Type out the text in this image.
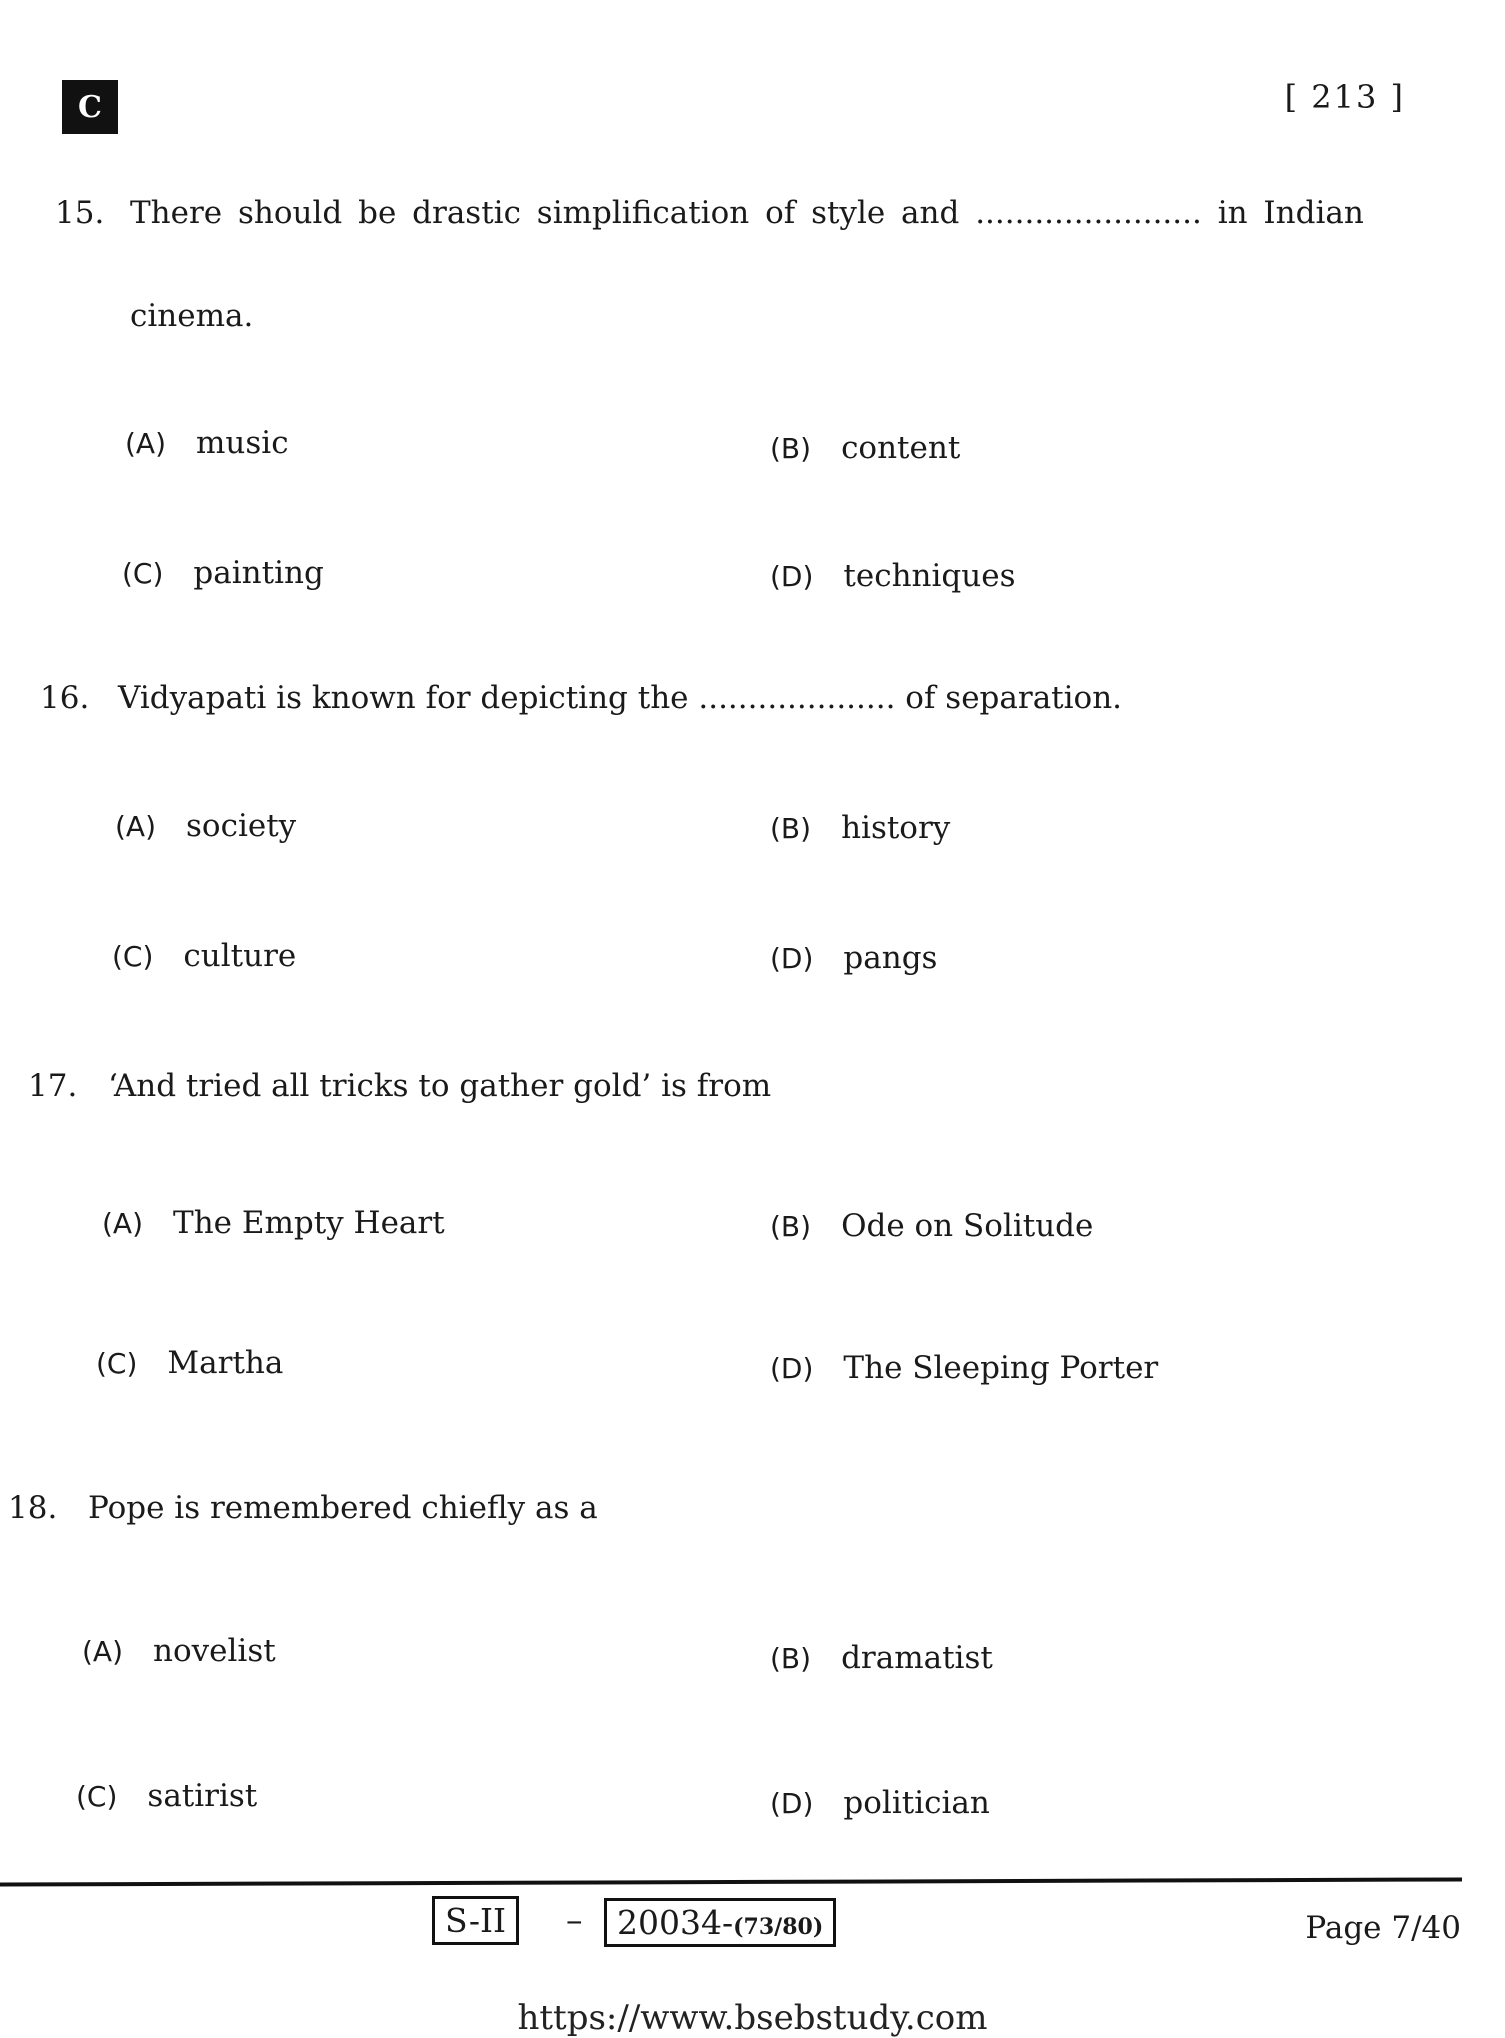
C	[ 213 ]
15. There should be drastic simplification of style and ....................... in Indian
cinema.
(A) music	(B) content
(C) painting	(D) techniques
16. Vidyapati is known for depicting the .................... of separation.
(A) society	(B) history
(C) culture	(D) pangs
17. ‘And tried all tricks to gather gold’ is from
(A) The Empty Heart	(B) Ode on Solitude
(C) Martha	(D) The Sleeping Porter
18. Pope is remembered chiefly as a
(A) novelist	(B) dramatist
(C) satirist	(D) politician
S-II	–	20034-(73/80)	Page 7/40
https://www.bsebstudy.com
